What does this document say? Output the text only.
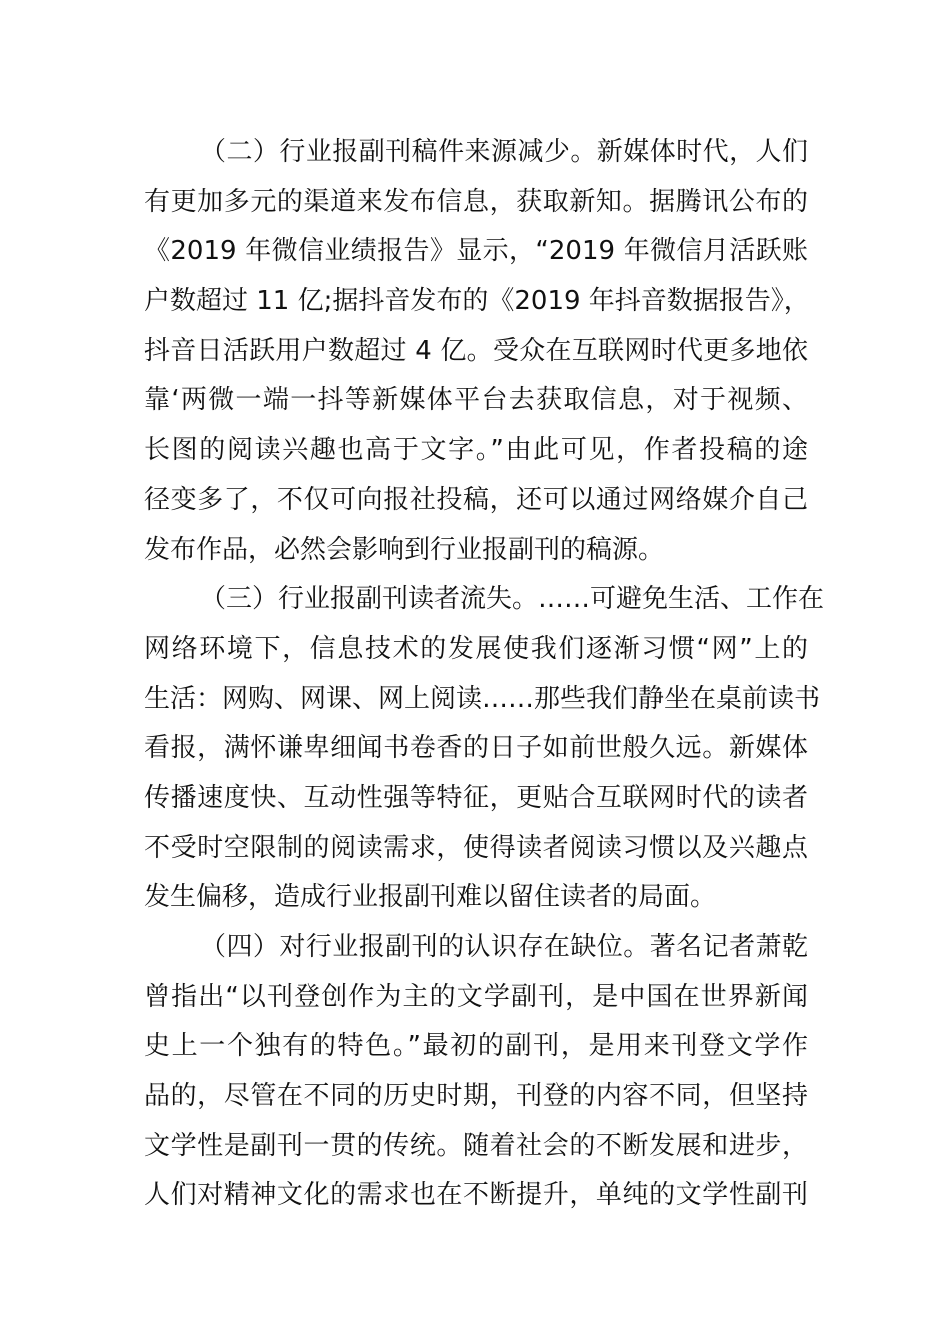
（二）行业报副刊稿件来源减少。新媒体时代，人们
有更加多元的渠道来发布信息，获取新知。据腾讯公布的
《2019 年微信业绩报告》显示，“2019 年微信月活跃账
户数超过 11 亿;据抖音发布的《2019 年抖音数据报告》，
抖音日活跃用户数超过 4 亿。受众在互联网时代更多地依
靠‘两微一端一抖等新媒体平台去获取信息，对于视频、
长图的阅读兴趣也高于文字。”由此可见，作者投稿的途
径变多了，不仅可向报社投稿，还可以通过网络媒介自己
发布作品，必然会影响到行业报副刊的稿源。
（三）行业报副刊读者流失。……可避免生活、工作在
网络环境下，信息技术的发展使我们逐渐习惯“网”上的
生活：网购、网课、网上阅读……那些我们静坐在桌前读书
看报，满怀谦卑细闻书卷香的日子如前世般久远。新媒体
传播速度快、互动性强等特征，更贴合互联网时代的读者
不受时空限制的阅读需求，使得读者阅读习惯以及兴趣点
发生偏移，造成行业报副刊难以留住读者的局面。
（四）对行业报副刊的认识存在缺位。著名记者萧乾
曾指出“以刊登创作为主的文学副刊，是中国在世界新闻
史上一个独有的特色。”最初的副刊，是用来刊登文学作
品的，尽管在不同的历史时期，刊登的内容不同，但坚持
文学性是副刊一贯的传统。随着社会的不断发展和进步，
人们对精神文化的需求也在不断提升，单纯的文学性副刊
